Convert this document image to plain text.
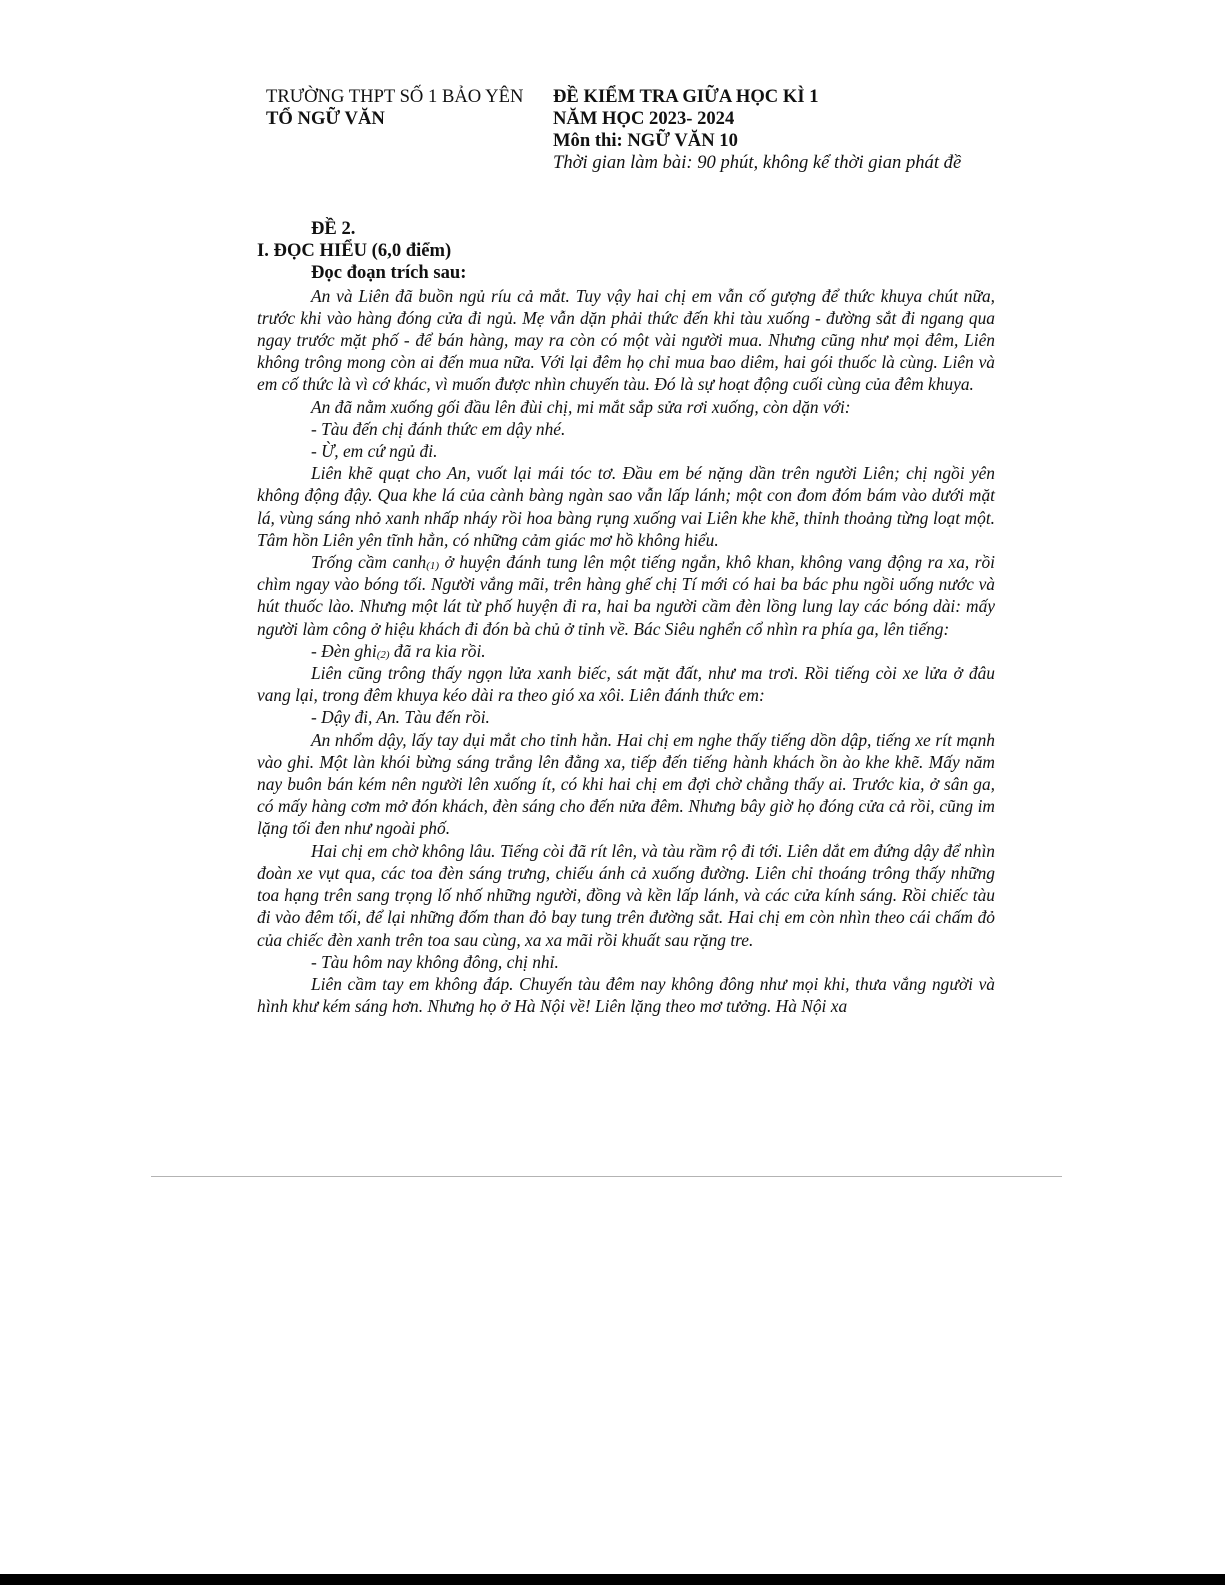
TRƯỜNG THPT SỐ 1 BẢO YÊN
TỔ NGỮ VĂN
ĐỀ KIỂM TRA GIỮA HỌC KÌ 1
NĂM HỌC 2023- 2024
Môn thi: NGỮ VĂN 10
Thời gian làm bài: 90 phút, không kể thời gian phát đề

ĐỀ 2.

I. ĐỌC HIỂU (6,0 điểm)

Đọc đoạn trích sau:

An và Liên đã buồn ngủ ríu cả mắt. Tuy vậy hai chị em vẫn cố gượng để thức khuya chút nữa, trước khi vào hàng đóng cửa đi ngủ. Mẹ vẫn dặn phải thức đến khi tàu xuống - đường sắt đi ngang qua ngay trước mặt phố - để bán hàng, may ra còn có một vài người mua. Nhưng cũng như mọi đêm, Liên không trông mong còn ai đến mua nữa. Với lại đêm họ chỉ mua bao diêm, hai gói thuốc là cùng. Liên và em cố thức là vì cớ khác, vì muốn được nhìn chuyến tàu. Đó là sự hoạt động cuối cùng của đêm khuya.

An đã nằm xuống gối đầu lên đùi chị, mi mắt sắp sửa rơi xuống, còn dặn với:

- Tàu đến chị đánh thức em dậy nhé.

- Ừ, em cứ ngủ đi.

Liên khẽ quạt cho An, vuốt lại mái tóc tơ. Đầu em bé nặng dần trên người Liên; chị ngồi yên không động đậy. Qua khe lá của cành bàng ngàn sao vẫn lấp lánh; một con đom đóm bám vào dưới mặt lá, vùng sáng nhỏ xanh nhấp nháy rồi hoa bàng rụng xuống vai Liên khe khẽ, thỉnh thoảng từng loạt một. Tâm hồn Liên yên tĩnh hẳn, có những cảm giác mơ hồ không hiểu.

Trống cầm canh$_{(1)}$ ở huyện đánh tung lên một tiếng ngắn, khô khan, không vang động ra xa, rồi chìm ngay vào bóng tối. Người vắng mãi, trên hàng ghế chị Tí mới có hai ba bác phu ngồi uống nước và hút thuốc lào. Nhưng một lát từ phố huyện đi ra, hai ba người cầm đèn lồng lung lay các bóng dài: mấy người làm công ở hiệu khách đi đón bà chủ ở tỉnh về. Bác Siêu nghển cổ nhìn ra phía ga, lên tiếng:

- Đèn ghi$_{(2)}$ đã ra kia rồi.

Liên cũng trông thấy ngọn lửa xanh biếc, sát mặt đất, như ma trơi. Rồi tiếng còi xe lửa ở đâu vang lại, trong đêm khuya kéo dài ra theo gió xa xôi. Liên đánh thức em:

- Dậy đi, An. Tàu đến rồi.

An nhổm dậy, lấy tay dụi mắt cho tỉnh hẳn. Hai chị em nghe thấy tiếng dồn dập, tiếng xe rít mạnh vào ghi. Một làn khói bừng sáng trắng lên đằng xa, tiếp đến tiếng hành khách ồn ào khe khẽ. Mấy năm nay buôn bán kém nên người lên xuống ít, có khi hai chị em đợi chờ chẳng thấy ai. Trước kia, ở sân ga, có mấy hàng cơm mở đón khách, đèn sáng cho đến nửa đêm. Nhưng bây giờ họ đóng cửa cả rồi, cũng im lặng tối đen như ngoài phố.

Hai chị em chờ không lâu. Tiếng còi đã rít lên, và tàu rầm rộ đi tới. Liên dắt em đứng dậy để nhìn đoàn xe vụt qua, các toa đèn sáng trưng, chiếu ánh cả xuống đường. Liên chỉ thoáng trông thấy những toa hạng trên sang trọng lố nhố những người, đồng và kền lấp lánh, và các cửa kính sáng. Rồi chiếc tàu đi vào đêm tối, để lại những đốm than đỏ bay tung trên đường sắt. Hai chị em còn nhìn theo cái chấm đỏ của chiếc đèn xanh trên toa sau cùng, xa xa mãi rồi khuất sau rặng tre.

- Tàu hôm nay không đông, chị nhỉ.

Liên cầm tay em không đáp. Chuyến tàu đêm nay không đông như mọi khi, thưa vắng người và hình khư kém sáng hơn. Nhưng họ ở Hà Nội về! Liên lặng theo mơ tưởng. Hà Nội xa
